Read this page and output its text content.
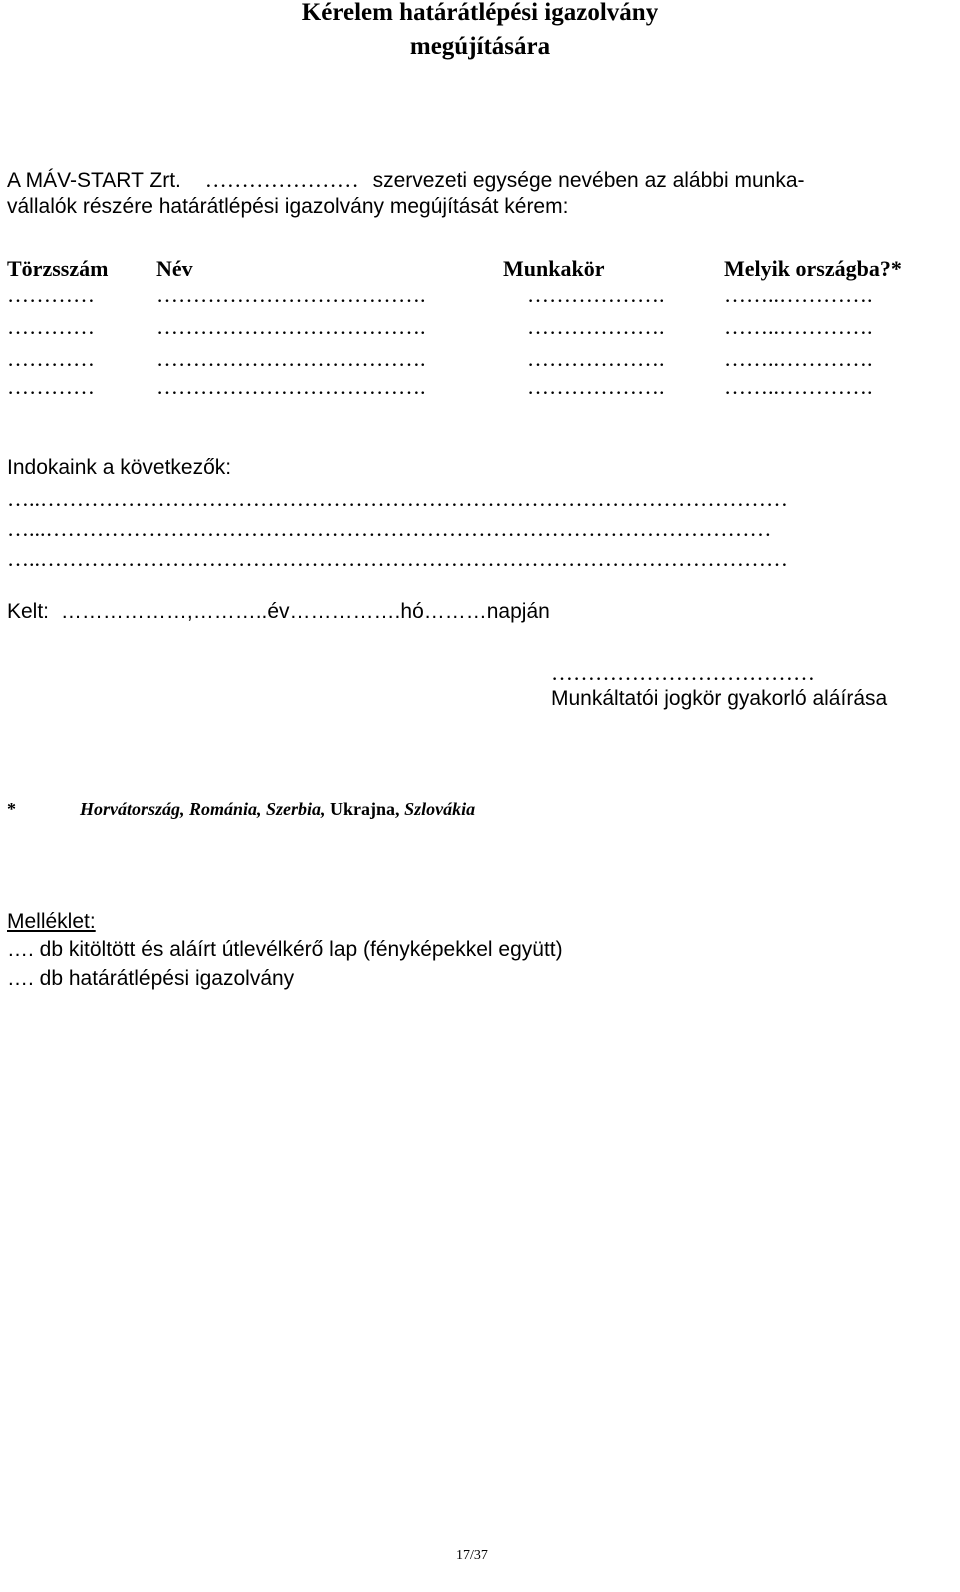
Kérelem határátlépési igazolvány
megújítására
A MÁV-START Zrt. ………………… szervezeti egysége nevében az alábbi munka-
vállalók részére határátlépési igazolvány megújítását kérem:
Törzsszám Név	Munkakör	Melyik országba?*
…………	……………………………….	……………….	……..………….
…………	……………………………….	……………….	……..………….
…………	……………………………….	……………….	……..………….
…………	……………………………….	……………….	……..………….
Indokaink a következők:
…..…………………………………………………………………………………………
…...………………………………………………………………………………………
…..…………………………………………………………………………………………
Kelt: ………………,………..év…………….hó………napján
………………………………
Munkáltatói jogkör gyakorló aláírása
*	Horvátország, Románia, Szerbia, Ukrajna, Szlovákia
Melléklet:
…. db kitöltött és aláírt útlevélkérő lap (fényképekkel együtt)
…. db határátlépési igazolvány
17/37
